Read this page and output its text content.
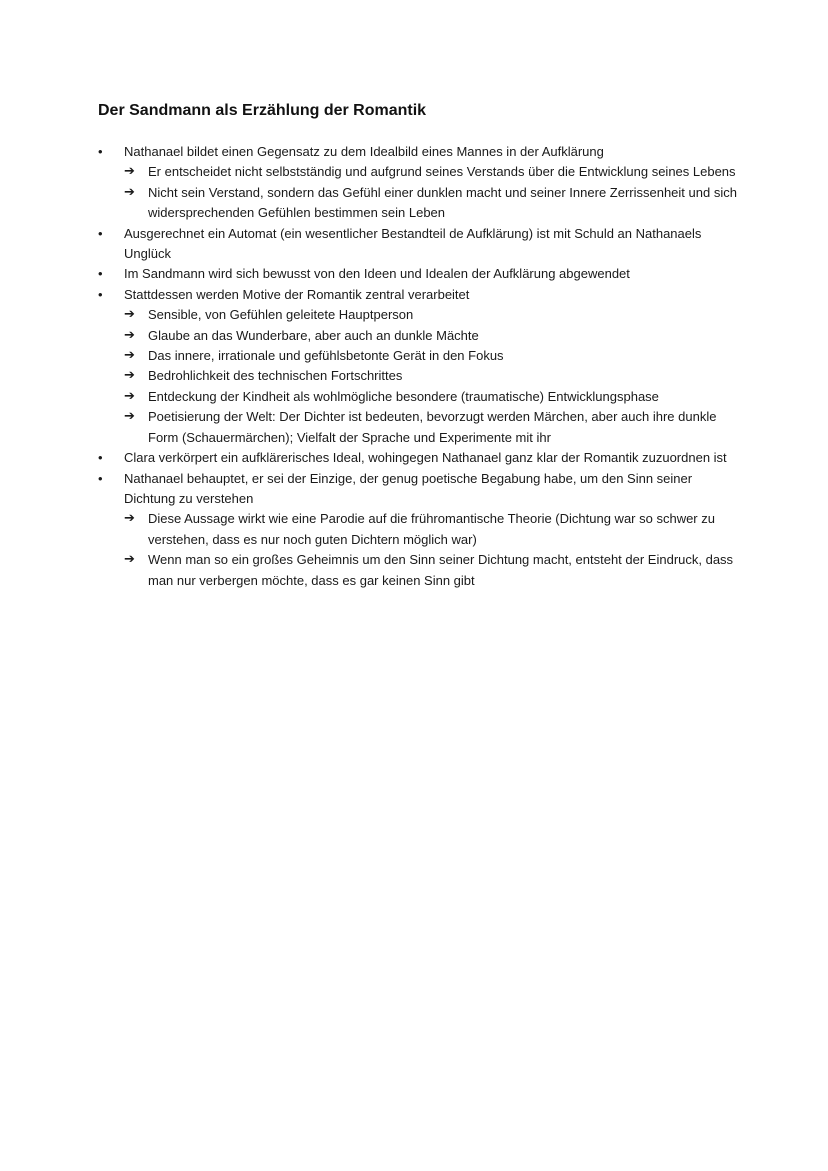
Der Sandmann als Erzählung der Romantik
•	Nathanael bildet einen Gegensatz zu dem Idealbild eines Mannes in der Aufklärung
➔	Er entscheidet nicht selbstständig und aufgrund seines Verstands über die Entwicklung seines Lebens
➔	Nicht sein Verstand, sondern das Gefühl einer dunklen macht und seiner Innere Zerrissenheit und sich widersprechenden Gefühlen bestimmen sein Leben
•	Ausgerechnet ein Automat (ein wesentlicher Bestandteil de Aufklärung) ist mit Schuld an Nathanaels Unglück
•	Im Sandmann wird sich bewusst von den Ideen und Idealen der Aufklärung abgewendet
•	Stattdessen werden Motive der Romantik zentral verarbeitet
➔	Sensible, von Gefühlen geleitete Hauptperson
➔	Glaube an das Wunderbare, aber auch an dunkle Mächte
➔	Das innere, irrationale und gefühlsbetonte Gerät in den Fokus
➔	Bedrohlichkeit des technischen Fortschrittes
➔	Entdeckung der Kindheit als wohlmögliche besondere (traumatische) Entwicklungsphase
➔	Poetisierung der Welt: Der Dichter ist bedeuten, bevorzugt werden Märchen, aber auch ihre dunkle Form (Schauermärchen); Vielfalt der Sprache und Experimente mit ihr
•	Clara verkörpert ein aufklärerisches Ideal, wohingegen Nathanael ganz klar der Romantik zuzuordnen ist
•	Nathanael behauptet, er sei der Einzige, der genug poetische Begabung habe, um den Sinn seiner Dichtung zu verstehen
➔	Diese Aussage wirkt wie eine Parodie auf die frühromantische Theorie (Dichtung war so schwer zu verstehen, dass es nur noch guten Dichtern möglich war)
➔	Wenn man so ein großes Geheimnis um den Sinn seiner Dichtung macht, entsteht der Eindruck, dass man nur verbergen möchte, dass es gar keinen Sinn gibt
